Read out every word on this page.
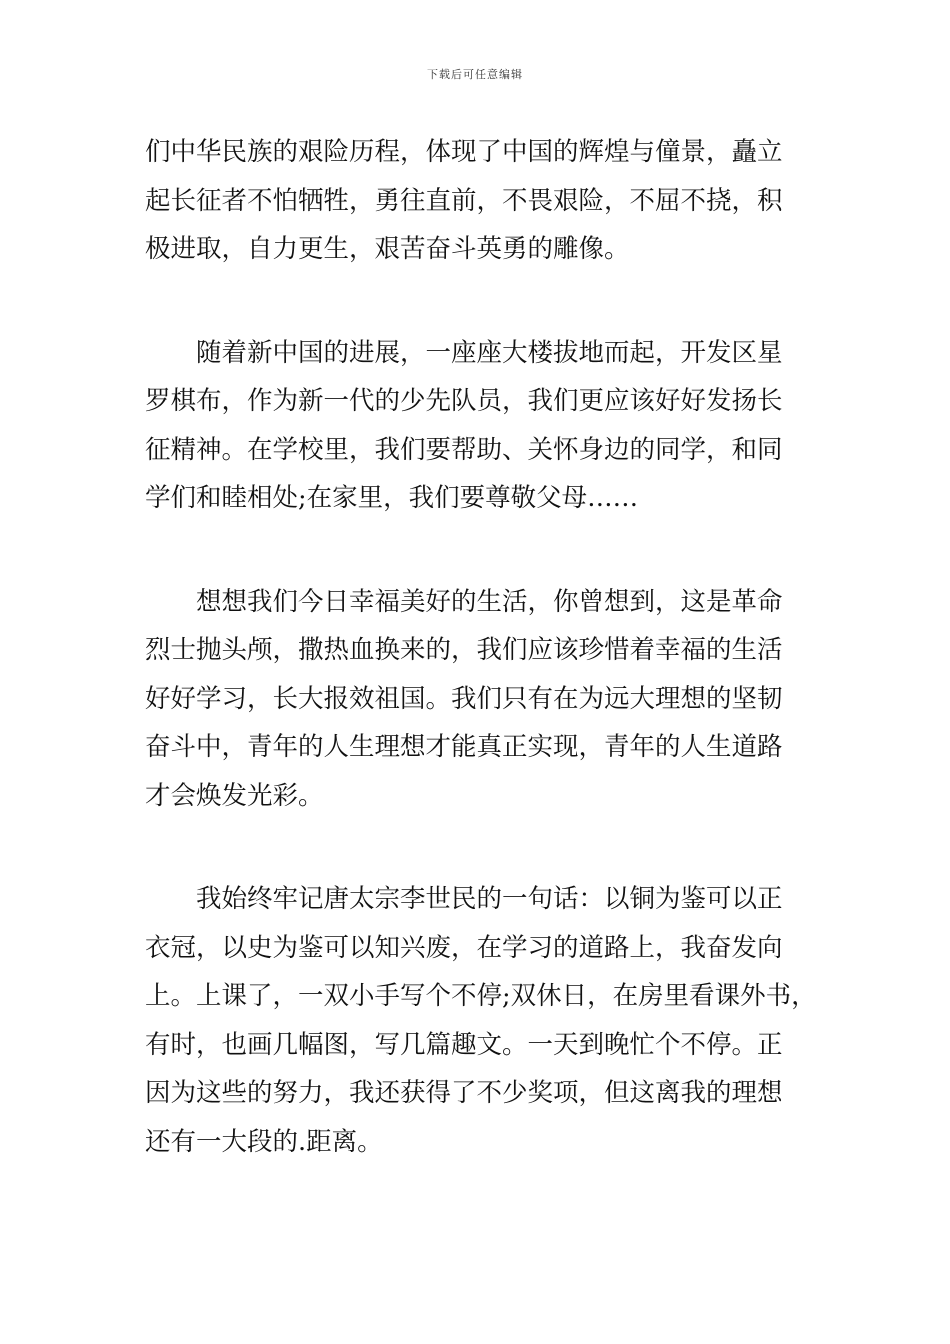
下载后可任意编辑
们中华民族的艰险历程，体现了中国的辉煌与僮景，矗立
起长征者不怕牺牲，勇往直前，不畏艰险，不屈不挠，积
极进取，自力更生，艰苦奋斗英勇的雕像。
　　随着新中国的进展，一座座大楼拔地而起，开发区星
罗棋布，作为新一代的少先队员，我们更应该好好发扬长
征精神。在学校里，我们要帮助、关怀身边的同学，和同
学们和睦相处;在家里，我们要尊敬父母……
　　想想我们今日幸福美好的生活，你曾想到，这是革命
烈士抛头颅，撒热血换来的，我们应该珍惜着幸福的生活
好好学习，长大报效祖国。我们只有在为远大理想的坚韧
奋斗中，青年的人生理想才能真正实现，青年的人生道路
才会焕发光彩。
　　我始终牢记唐太宗李世民的一句话：以铜为鉴可以正
衣冠，以史为鉴可以知兴废，在学习的道路上，我奋发向
上。上课了，一双小手写个不停;双休日，在房里看课外书，
有时，也画几幅图，写几篇趣文。一天到晚忙个不停。正
因为这些的努力，我还获得了不少奖项，但这离我的理想
还有一大段的.距离。
